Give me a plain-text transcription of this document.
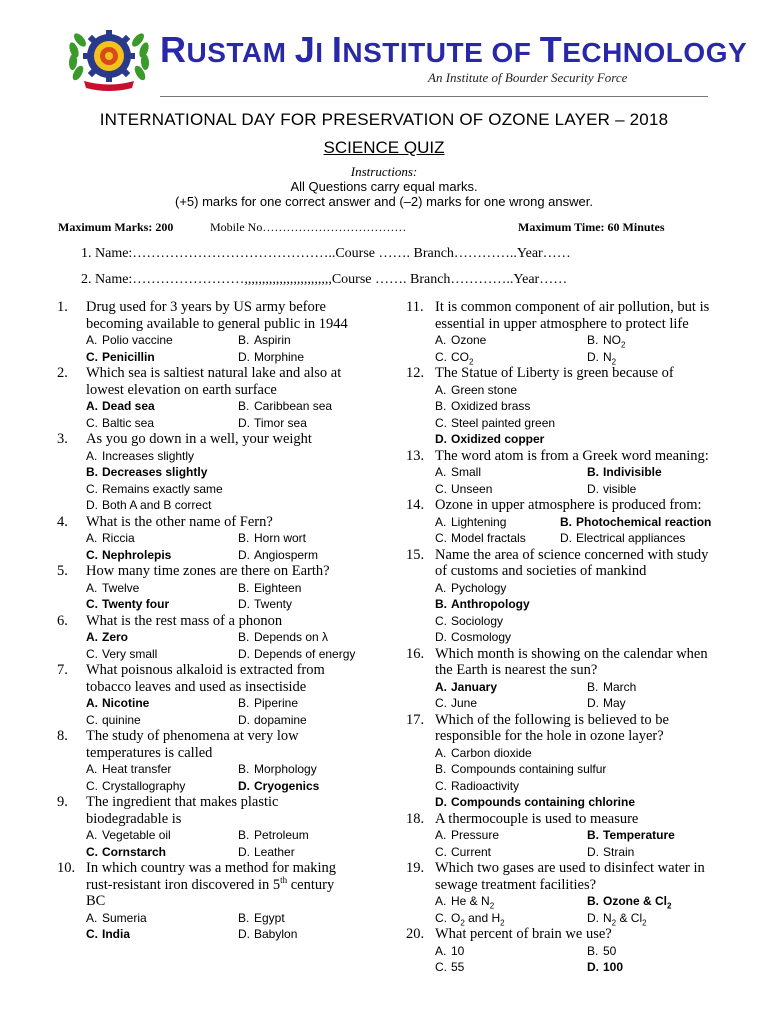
RUSTAM JI INSTITUTE OF TECHNOLOGY
An Institute of Bourder Security Force
INTERNATIONAL DAY FOR PRESERVATION OF OZONE LAYER – 2018
SCIENCE QUIZ
Instructions:
All Questions carry equal marks.
(+5) marks for one correct answer and (–2) marks for one wrong answer.
Maximum Marks: 200	Mobile No………………………………	Maximum Time: 60 Minutes
1. Name:……………………………………..Course ……. Branch…………..Year……
2. Name:……………………,,,,,,,,,,,,,,,,,,,,,,,,,Course ……. Branch…………..Year……
1.	Drug used for 3 years by US army before
becoming available to general public in 1944
A. Polio vaccine	B. Aspirin
C. Penicillin	D. Morphine
2.	Which sea is saltiest natural lake and also at
lowest elevation on earth surface
A. Dead sea	B. Caribbean sea
C. Baltic sea	D. Timor sea
3.	As you go down in a well, your weight
A. Increases slightly
B. Decreases slightly
C. Remains exactly same
D. Both A and B correct
4.	What is the other name of Fern?
A. Riccia	B. Horn wort
C. Nephrolepis	D. Angiosperm
5.	How many time zones are there on Earth?
A. Twelve	B. Eighteen
C. Twenty four	D. Twenty
6.	What is the rest mass of a phonon
A. Zero	B. Depends on λ
C. Very small	D. Depends of energy
7.	What poisnous alkaloid is extracted from
tobacco leaves and used as insectiside
A. Nicotine	B. Piperine
C. quinine	D. dopamine
8.	The study of phenomena at very low
temperatures is called
A. Heat transfer	B. Morphology
C. Crystallography	D. Cryogenics
9.	The ingredient that makes plastic
biodegradable is
A. Vegetable oil	B. Petroleum
C. Cornstarch	D. Leather
10. In which country was a method for making
rust-resistant iron discovered in 5th century
BC
A. Sumeria	B. Egypt
C. India	D. Babylon
11. It is common component of air pollution, but is
essential in upper atmosphere to protect life
A. Ozone	B. $NO_2$
C. $CO_2$	D. $N_2$
12. The Statue of Liberty is green because of
A. Green stone
B. Oxidized brass
C. Steel painted green
D. Oxidized copper
13. The word atom is from a Greek word meaning:
A. Small	B. Indivisible
C. Unseen	D. visible
14. Ozone in upper atmosphere is produced from:
A. Lightening	B. Photochemical reaction
C. Model fractals	D. Electrical appliances
15. Name the area of science concerned with study
of customs and societies of mankind
A. Pychology
B. Anthropology
C. Sociology
D. Cosmology
16. Which month is showing on the calendar when
the Earth is nearest the sun?
A. January	B. March
C. June	D. May
17. Which of the following is believed to be
responsible for the hole in ozone layer?
A. Carbon dioxide
B. Compounds containing sulfur
C. Radioactivity
D. Compounds containing chlorine
18. A thermocouple is used to measure
A. Pressure	B. Temperature
C. Current	D. Strain
19. Which two gases are used to disinfect water in
sewage treatment facilities?
A. He & $N_2$	B. Ozone & $Cl_2$
C. $O_2$ and $H_2$	D. $N_2$ & $Cl_2$
20. What percent of brain we use?
A. 10	B. 50
C. 55	D. 100
